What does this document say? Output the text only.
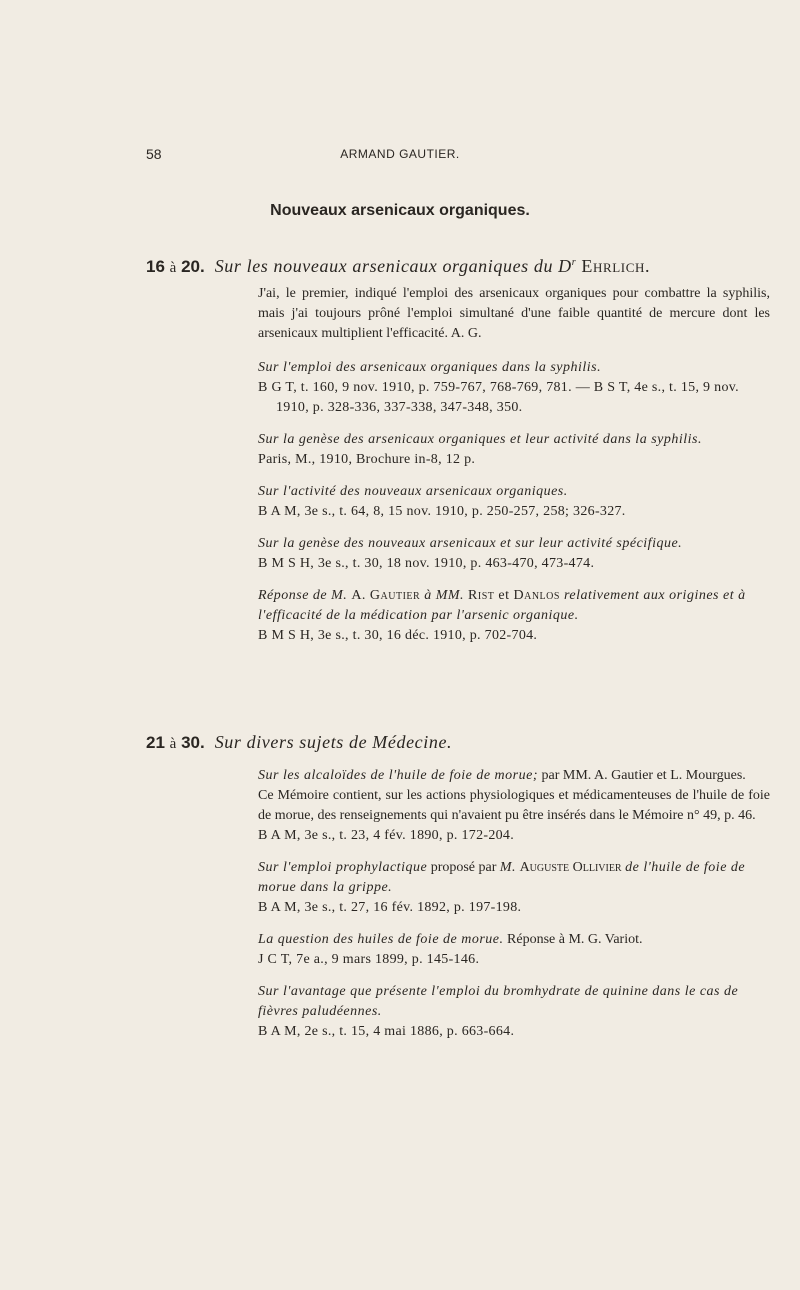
58	ARMAND GAUTIER.
Nouveaux arsenicaux organiques.
16 à 20. Sur les nouveaux arsenicaux organiques du $D^r$ Ehrlich.

J'ai, le premier, indiqué l'emploi des arsenicaux organiques pour combattre la syphilis, mais j'ai toujours prôné l'emploi simultané d'une faible quantité de mercure dont les arsenicaux multiplient l'efficacité. A. G.

Sur l'emploi des arsenicaux organiques dans la syphilis.
B G T, t. 160, 9 nov. 1910, p. 759-767, 768-769, 781. — B S T, 4e s., t. 15, 9 nov. 1910, p. 328-336, 337-338, 347-348, 350.
Sur la genèse des arsenicaux organiques et leur activité dans la syphilis.
Paris, M., 1910, Brochure in-8, 12 p.
Sur l'activité des nouveaux arsenicaux organiques.
B A M, 3e s., t. 64, 8, 15 nov. 1910, p. 250-257, 258; 326-327.
Sur la genèse des nouveaux arsenicaux et sur leur activité spécifique.
B M S H, 3e s., t. 30, 18 nov. 1910, p. 463-470, 473-474.
Réponse de M. A. Gautier à MM. Rist et Danlos relativement aux origines et à l'efficacité de la médication par l'arsenic organique.
B M S H, 3e s., t. 30, 16 déc. 1910, p. 702-704.
21 à 30. Sur divers sujets de Médecine.
Sur les alcaloïdes de l'huile de foie de morue; par MM. A. Gautier et L. Mourgues.
Ce Mémoire contient, sur les actions physiologiques et médicamenteuses de l'huile de foie de morue, des renseignements qui n'avaient pu être insérés dans le Mémoire n° 49, p. 46.
B A M, 3e s., t. 23, 4 fév. 1890, p. 172-204.
Sur l'emploi prophylactique proposé par M. Auguste Ollivier de l'huile de foie de morue dans la grippe.
B A M, 3e s., t. 27, 16 fév. 1892, p. 197-198.
La question des huiles de foie de morue. Réponse à M. G. Variot.
J C T, 7e a., 9 mars 1899, p. 145-146.
Sur l'avantage que présente l'emploi du bromhydrate de quinine dans le cas de fièvres paludéennes.
B A M, 2e s., t. 15, 4 mai 1886, p. 663-664.
